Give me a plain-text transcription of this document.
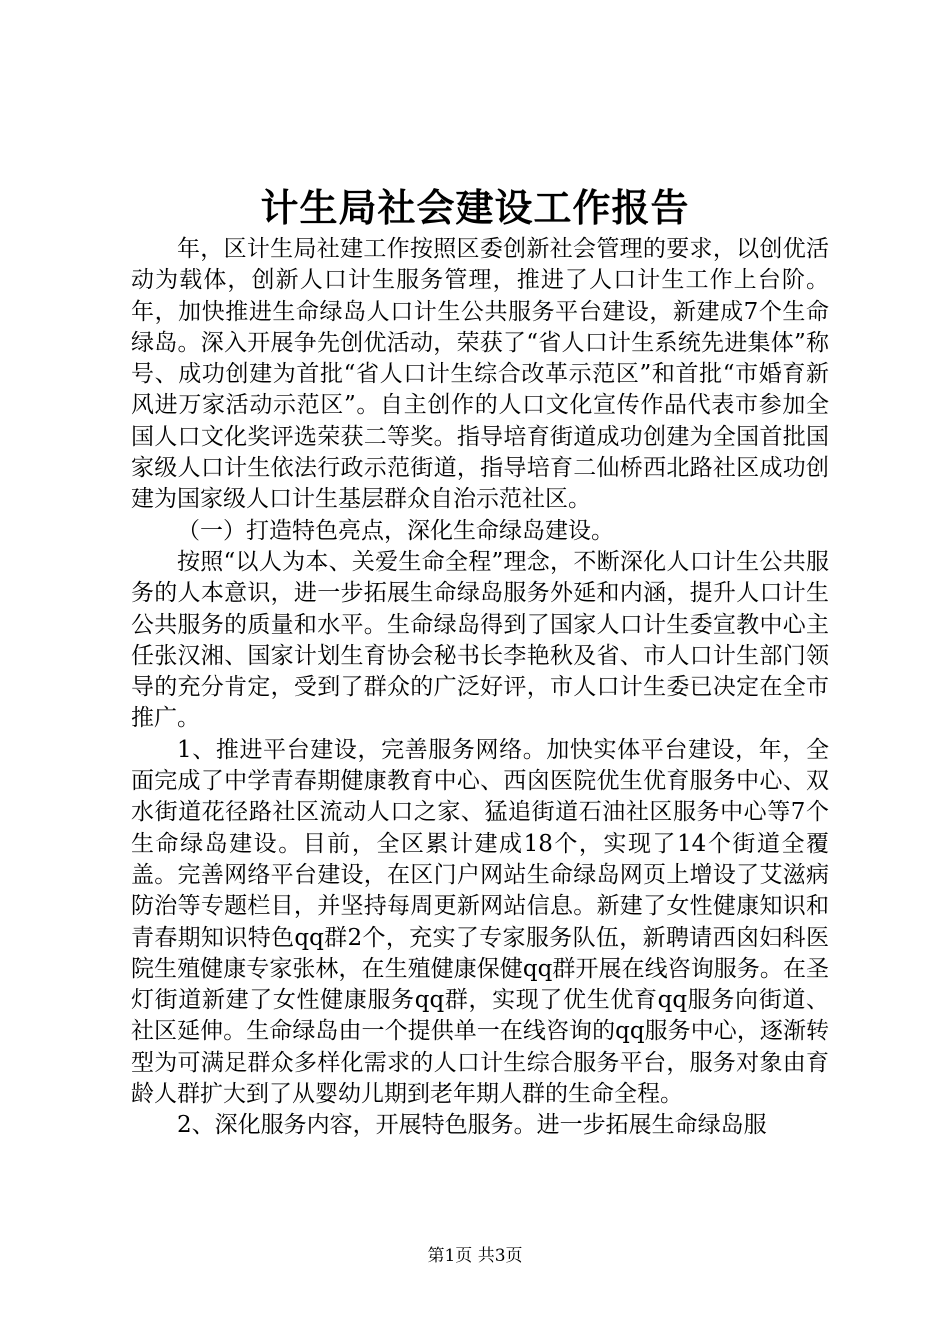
计生局社会建设工作报告

年，区计生局社建工作按照区委创新社会管理的要求，以创优活动为载体，创新人口计生服务管理，推进了人口计生工作上台阶。年，加快推进生命绿岛人口计生公共服务平台建设，新建成7个生命绿岛。深入开展争先创优活动，荣获了“省人口计生系统先进集体”称号、成功创建为首批“省人口计生综合改革示范区”和首批“市婚育新风进万家活动示范区”。自主创作的人口文化宣传作品代表市参加全国人口文化奖评选荣获二等奖。指导培育街道成功创建为全国首批国家级人口计生依法行政示范街道，指导培育二仙桥西北路社区成功创建为国家级人口计生基层群众自治示范社区。

（一）打造特色亮点，深化生命绿岛建设。

按照“以人为本、关爱生命全程”理念，不断深化人口计生公共服务的人本意识，进一步拓展生命绿岛服务外延和内涵，提升人口计生公共服务的质量和水平。生命绿岛得到了国家人口计生委宣教中心主任张汉湘、国家计划生育协会秘书长李艳秋及省、市人口计生部门领导的充分肯定，受到了群众的广泛好评，市人口计生委已决定在全市推广。

1、推进平台建设，完善服务网络。加快实体平台建设，年，全面完成了中学青春期健康教育中心、西囟医院优生优育服务中心、双水街道花径路社区流动人口之家、猛追街道石油社区服务中心等7个生命绿岛建设。目前，全区累计建成18个，实现了14个街道全覆盖。完善网络平台建设，在区门户网站生命绿岛网页上增设了艾滋病防治等专题栏目，并坚持每周更新网站信息。新建了女性健康知识和青春期知识特色qq群2个，充实了专家服务队伍，新聘请西囟妇科医院生殖健康专家张林，在生殖健康保健qq群开展在线咨询服务。在圣灯街道新建了女性健康服务qq群，实现了优生优育qq服务向街道、社区延伸。生命绿岛由一个提供单一在线咨询的qq服务中心，逐渐转型为可满足群众多样化需求的人口计生综合服务平台，服务对象由育龄人群扩大到了从婴幼儿期到老年期人群的生命全程。

2、深化服务内容，开展特色服务。进一步拓展生命绿岛服

第1页 共3页
